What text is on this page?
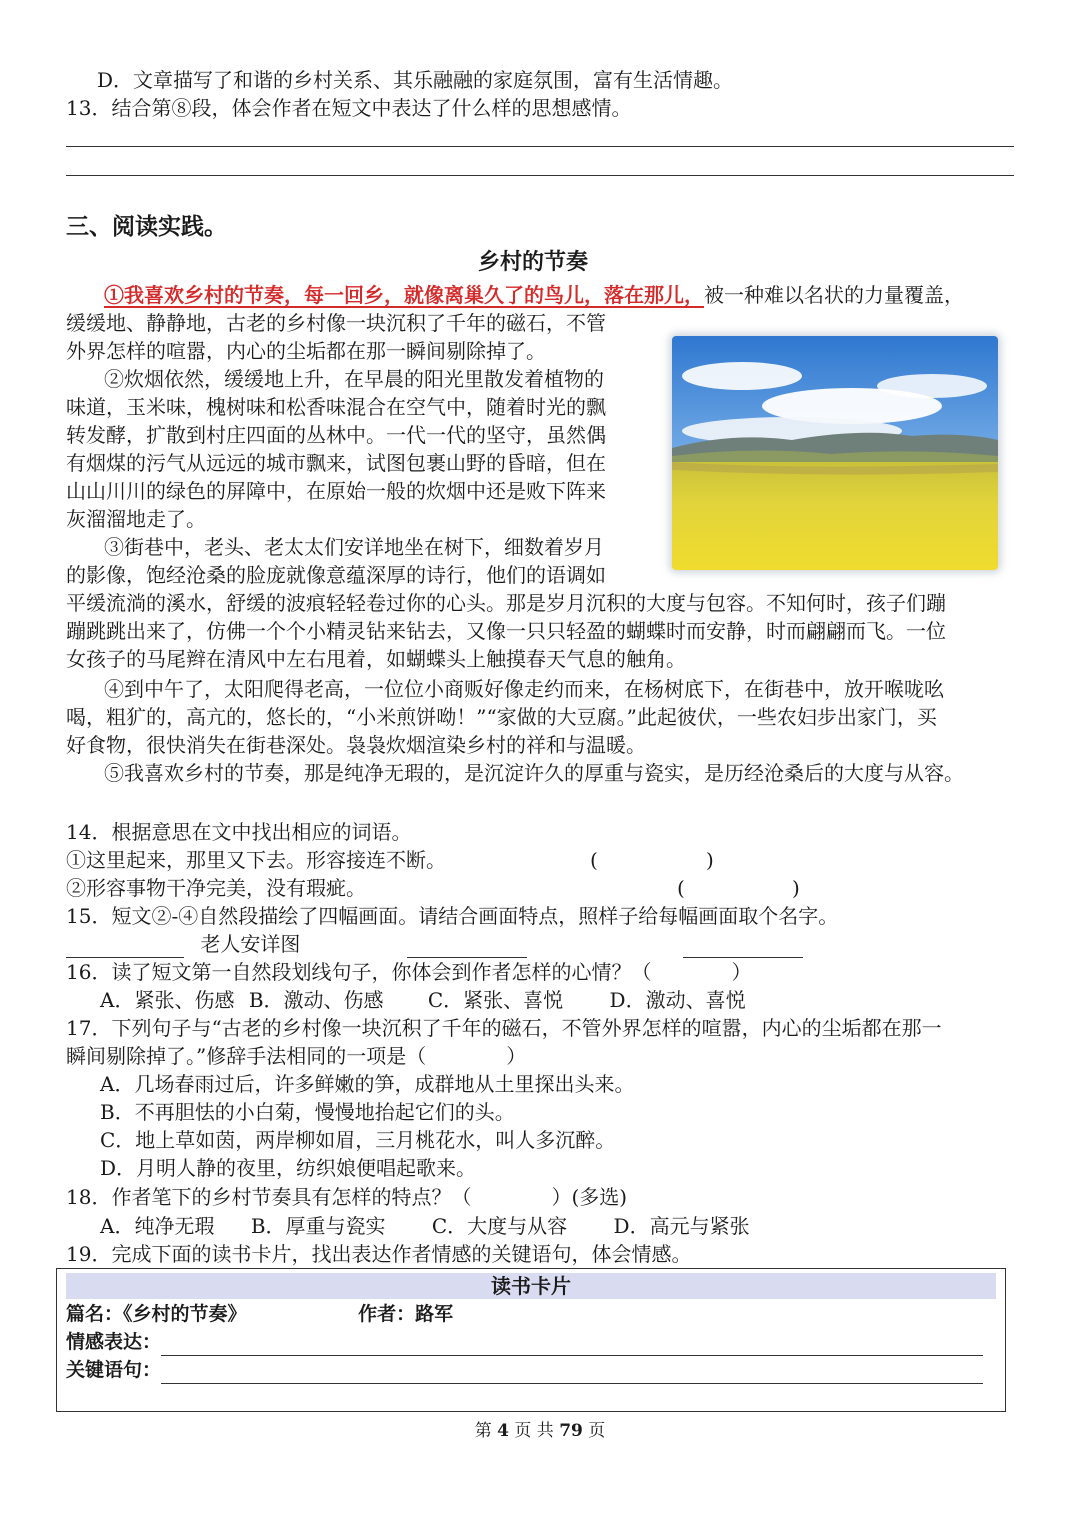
D．文章描写了和谐的乡村关系、其乐融融的家庭氛围，富有生活情趣。
13．结合第⑧段，体会作者在短文中表达了什么样的思想感情。
三、阅读实践。
乡村的节奏
①我喜欢乡村的节奏，每一回乡，就像离巢久了的鸟儿，落在那儿，被一种难以名状的力量覆盖，
缓缓地、静静地，古老的乡村像一块沉积了千年的磁石，不管
外界怎样的喧嚣，内心的尘垢都在那一瞬间剔除掉了。
②炊烟依然，缓缓地上升，在早晨的阳光里散发着植物的
味道，玉米味，槐树味和松香味混合在空气中，随着时光的飘
转发酵，扩散到村庄四面的丛林中。一代一代的坚守，虽然偶
有烟煤的污气从远远的城市飘来，试图包裹山野的昏暗，但在
山山川川的绿色的屏障中，在原始一般的炊烟中还是败下阵来
灰溜溜地走了。
③街巷中，老头、老太太们安详地坐在树下，细数着岁月
的影像，饱经沧桑的脸庞就像意蕴深厚的诗行，他们的语调如
平缓流淌的溪水，舒缓的波痕轻轻卷过你的心头。那是岁月沉积的大度与包容。不知何时，孩子们蹦
蹦跳跳出来了，仿佛一个个小精灵钻来钻去，又像一只只轻盈的蝴蝶时而安静，时而翩翩而飞。一位
女孩子的马尾辫在清风中左右甩着，如蝴蝶头上触摸春天气息的触角。
④到中午了，太阳爬得老高，一位位小商贩好像走约而来，在杨树底下，在街巷中，放开喉咙吆
喝，粗犷的，高亢的，悠长的，“小米煎饼呦！”“家做的大豆腐。”此起彼伏，一些农妇步出家门，买
好食物，很快消失在街巷深处。袅袅炊烟渲染乡村的祥和与温暖。
⑤我喜欢乡村的节奏，那是纯净无瑕的，是沉淀许久的厚重与瓷实，是历经沧桑后的大度与从容。
14．根据意思在文中找出相应的词语。
①这里起来，那里又下去。形容接连不断。	(	)
②形容事物干净完美，没有瑕疵。	(	)
15．短文②-④自然段描绘了四幅画面。请结合画面特点，照样子给每幅画面取个名字。
老人安详图
16．读了短文第一自然段划线句子，你体会到作者怎样的心情？（　　　　）
A．紧张、伤感 B．激动、伤感 C．紧张、喜悦 D．激动、喜悦
17．下列句子与“古老的乡村像一块沉积了千年的磁石，不管外界怎样的喧嚣，内心的尘垢都在那一
瞬间剔除掉了。”修辞手法相同的一项是（　　　　）
A．几场春雨过后，许多鲜嫩的笋，成群地从土里探出头来。
B．不再胆怯的小白菊，慢慢地抬起它们的头。
C．地上草如茵，两岸柳如眉，三月桃花水，叫人多沉醉。
D．月明人静的夜里，纺织娘便唱起歌来。
18．作者笔下的乡村节奏具有怎样的特点？（　　　　）(多选)
A．纯净无瑕 B．厚重与瓷实 C．大度与从容 D．高元与紧张
19．完成下面的读书卡片，找出表达作者情感的关键语句，体会情感。
读书卡片
篇名：《乡村的节奏》	作者：路军
情感表达：
关键语句：
第 4 页 共 79 页
